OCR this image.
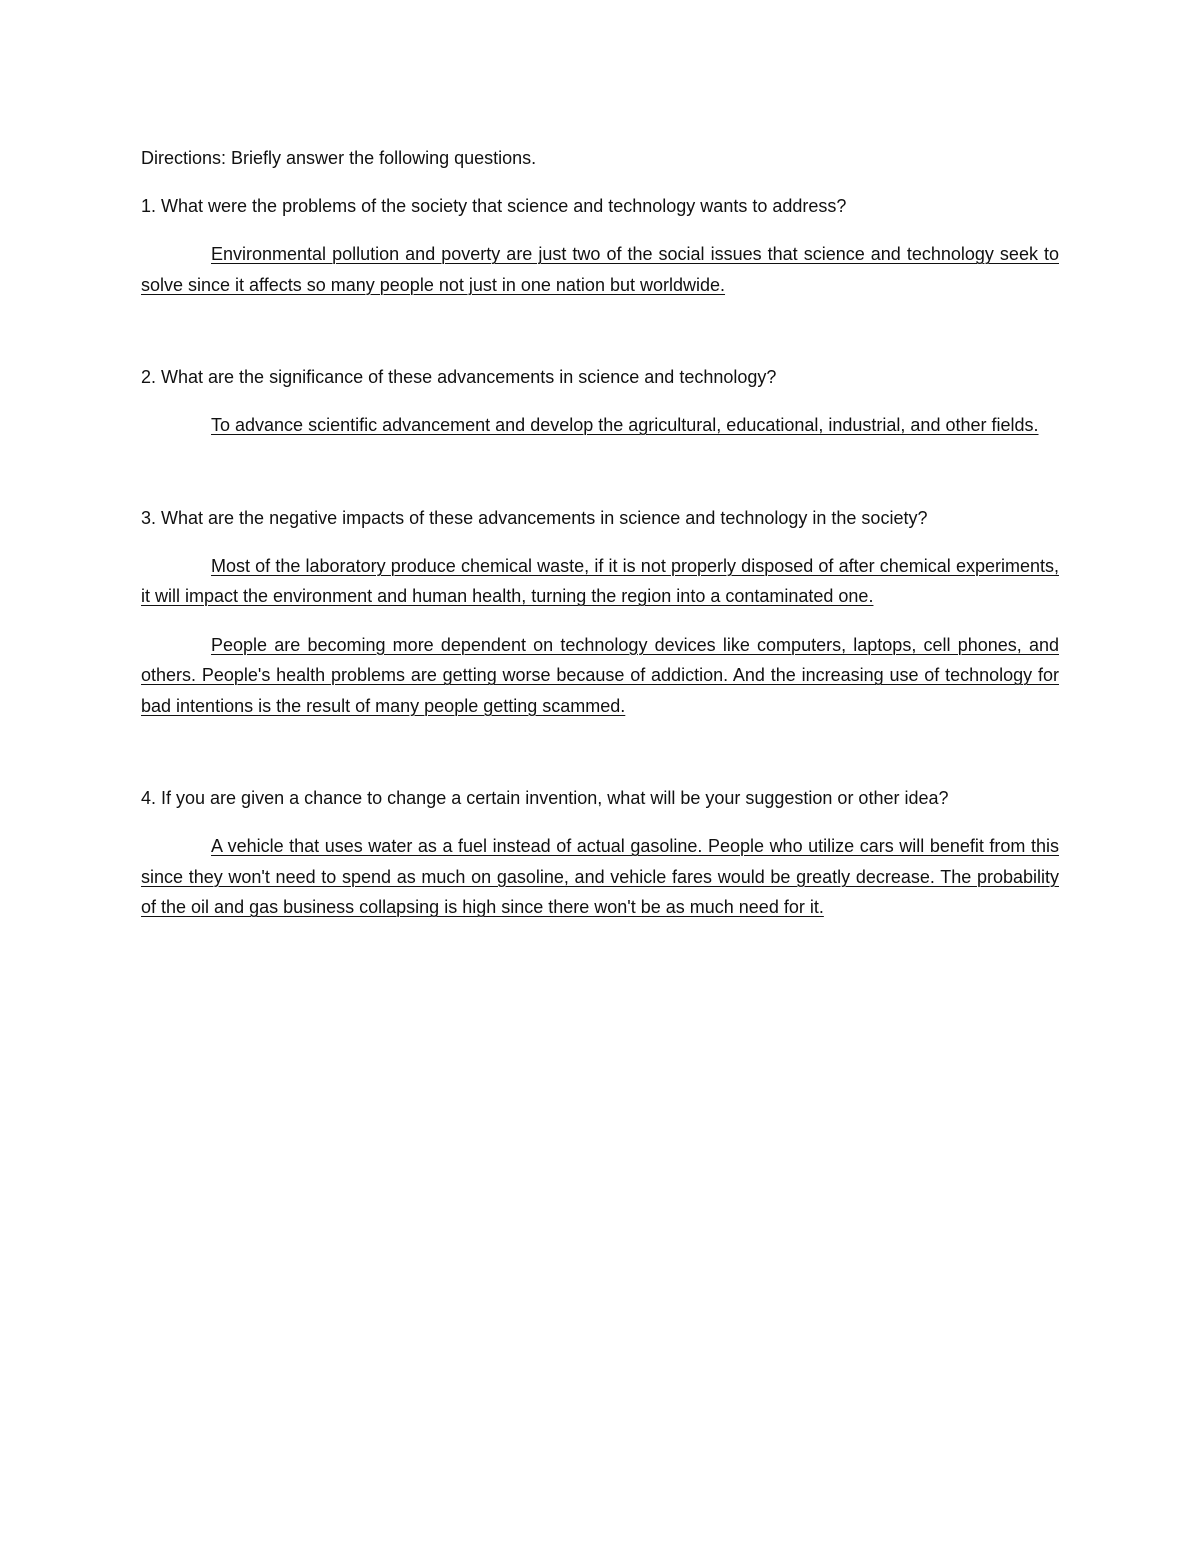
Directions: Briefly answer the following questions.

1. What were the problems of the society that science and technology wants to address?

Environmental pollution and poverty are just two of the social issues that science and technology seek to solve since it affects so many people not just in one nation but worldwide.

2. What are the significance of these advancements in science and technology?

To advance scientific advancement and develop the agricultural, educational, industrial, and other fields.

3. What are the negative impacts of these advancements in science and technology in the society?

Most of the laboratory produce chemical waste, if it is not properly disposed of after chemical experiments, it will impact the environment and human health, turning the region into a contaminated one.

People are becoming more dependent on technology devices like computers, laptops, cell phones, and others. People's health problems are getting worse because of addiction. And the increasing use of technology for bad intentions is the result of many people getting scammed.

4. If you are given a chance to change a certain invention, what will be your suggestion or other idea?

A vehicle that uses water as a fuel instead of actual gasoline. People who utilize cars will benefit from this since they won't need to spend as much on gasoline, and vehicle fares would be greatly decrease. The probability of the oil and gas business collapsing is high since there won't be as much need for it.
